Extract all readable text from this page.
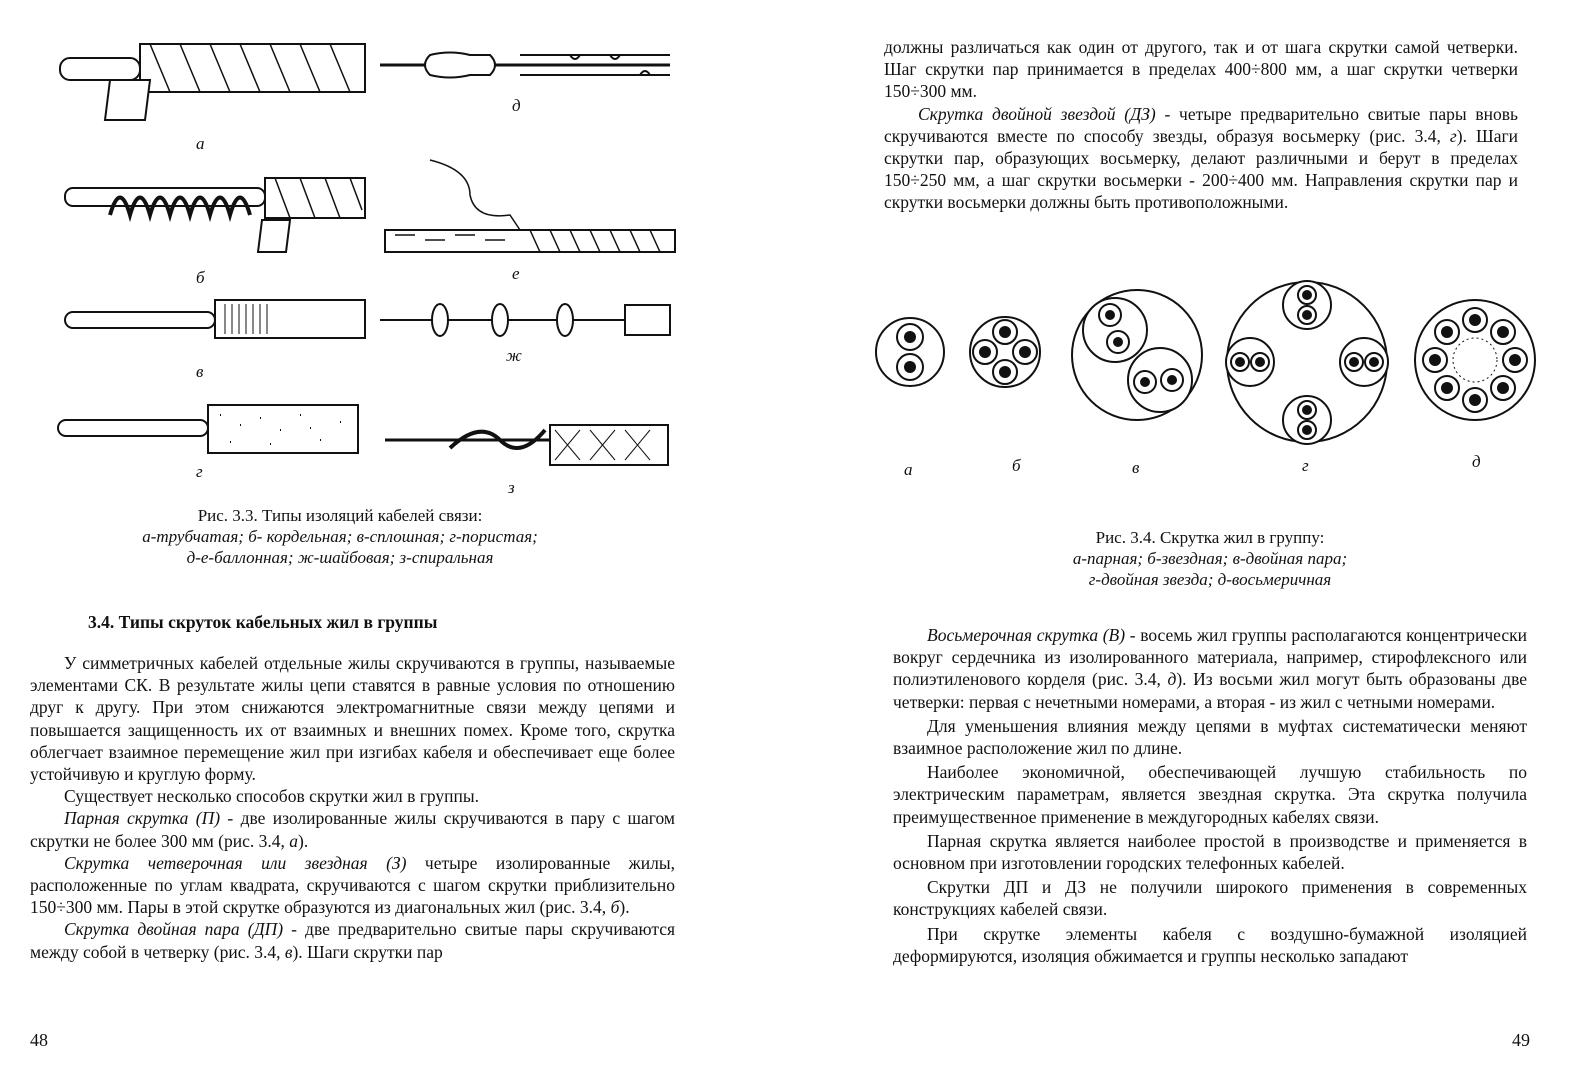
а
б
в
г
д
е
ж
з
Рис. 3.3. Типы изоляций кабелей связи:
а-трубчатая; б- кордельная; в-сплошная; г-пористая;
д-е-баллонная; ж-шайбовая; з-спиральная
3.4. Типы скруток кабельных жил в группы

У симметричных кабелей отдельные жилы скручиваются в группы, называемые элементами СК. В результате жилы цепи ставятся в равные условия по отношению друг к другу. При этом снижаются электромагнитные связи между цепями и повышается защищенность их от взаимных и внешних помех. Кроме того, скрутка облегчает взаимное перемещение жил при изгибах кабеля и обеспечивает еще более устойчивую и круглую форму.

Существует несколько способов скрутки жил в группы.

Парная скрутка (П) - две изолированные жилы скручиваются в пару с шагом скрутки не более 300 мм (рис. 3.4, а).

Скрутка четверочная или звездная (З) четыре изолированные жилы, расположенные по углам квадрата, скручиваются с шагом скрутки приблизительно 150÷300 мм. Пары в этой скрутке образуются из диагональных жил (рис. 3.4, б).

Скрутка двойная пара (ДП) - две предварительно свитые пары скручиваются между собой в четверку (рис. 3.4, в). Шаги скрутки пар

48

должны различаться как один от другого, так и от шага скрутки самой четверки. Шаг скрутки пар принимается в пределах 400÷800 мм, а шаг скрутки четверки 150÷300 мм.

Скрутка двойной звездой (ДЗ) - четыре предварительно свитые пары вновь скручиваются вместе по способу звезды, образуя восьмерку (рис. 3.4, г). Шаги скрутки пар, образующих восьмерку, делают различными и берут в пределах 150÷250 мм, а шаг скрутки восьмерки - 200÷400 мм. Направления скрутки пар и скрутки восьмерки должны быть противоположными.

а	б	в	г	д
Рис. 3.4. Скрутка жил в группу:
а-парная; б-звездная; в-двойная пара;
г-двойная звезда; д-восьмеричная

Восьмерочная скрутка (В) - восемь жил группы располагаются концентрически вокруг сердечника из изолированного материала, например, стирофлексного или полиэтиленового корделя (рис. 3.4, д). Из восьми жил могут быть образованы две четверки: первая с нечетными номерами, а вторая - из жил с четными номерами.

Для уменьшения влияния между цепями в муфтах систематически меняют взаимное расположение жил по длине.

Наиболее экономичной, обеспечивающей лучшую стабильность по электрическим параметрам, является звездная скрутка. Эта скрутка получила преимущественное применение в междугородных кабелях связи.

Парная скрутка является наиболее простой в производстве и применяется в основном при изготовлении городских телефонных кабелей.

Скрутки ДП и ДЗ не получили широкого применения в современных конструкциях кабелей связи.

При скрутке элементы кабеля с воздушно-бумажной изоляцией деформируются, изоляция обжимается и группы несколько западают

49
